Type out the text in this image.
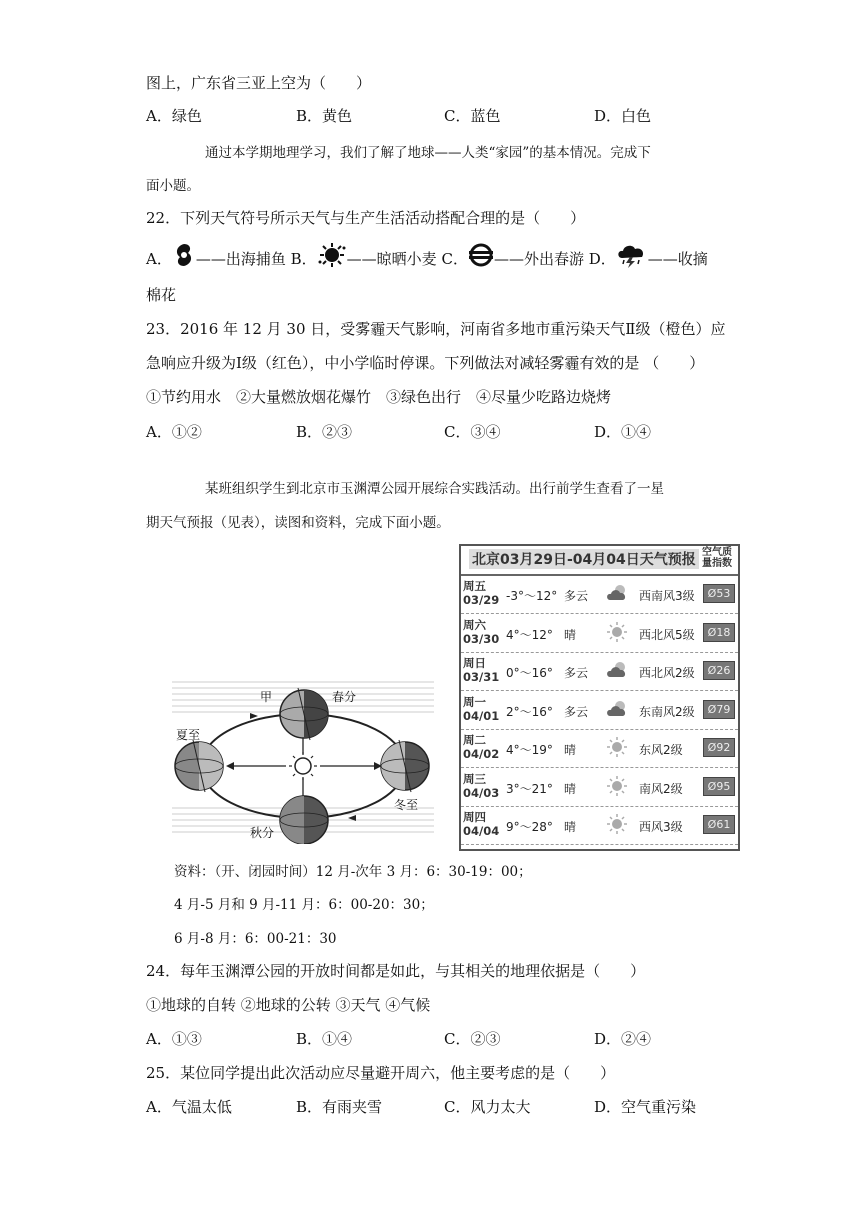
图上，广东省三亚上空为（　　）
A．绿色	B．黄色	C．蓝色	D．白色
通过本学期地理学习，我们了解了地球——人类“家园”的基本情况。完成下
面小题。
22．下列天气符号所示天气与生产生活活动搭配合理的是（　　）
A． ——出海捕鱼 B． ——晾晒小麦 C． ——外出春游 D． ——收摘
棉花
23．2016 年 12 月 30 日，受雾霾天气影响，河南省多地市重污染天气Ⅱ级（橙色）应
急响应升级为Ⅰ级（红色），中小学临时停课。下列做法对减轻雾霾有效的是 （　　）
①节约用水　②大量燃放烟花爆竹　③绿色出行　④尽量少吃路边烧烤
A．①②	B．②③	C．③④	D．①④
某班组织学生到北京市玉渊潭公园开展综合实践活动。出行前学生查看了一星
期天气预报（见表），读图和资料，完成下面小题。
甲	春分
夏至
冬至
秋分
北京03月29日-04月04日天气预报 空气质量指数
周五
03/29 -3°～12° 多云	西南风3级	Ø53
周六
03/30 4°～12° 晴	西北风5级	Ø18
周日
03/31 0°～16° 多云	西北风2级	Ø26
周一
04/01 2°～16° 多云	东南风2级	Ø79
周二
04/02 4°～19° 晴	东风2级	Ø92
周三
04/03 3°～21° 晴	南风2级	Ø95
周四
04/04 9°～28° 晴	西风3级	Ø61
资料：（开、闭园时间）12 月-次年 3 月：6：30-19：00；
4 月-5 月和 9 月-11 月：6：00-20：30；
6 月-8 月：6：00-21：30
24．每年玉渊潭公园的开放时间都是如此，与其相关的地理依据是（　　）
①地球的自转 ②地球的公转 ③天气 ④气候
A．①③	B．①④	C．②③	D．②④
25．某位同学提出此次活动应尽量避开周六，他主要考虑的是（　　）
A．气温太低	B．有雨夹雪	C．风力太大	D．空气重污染
